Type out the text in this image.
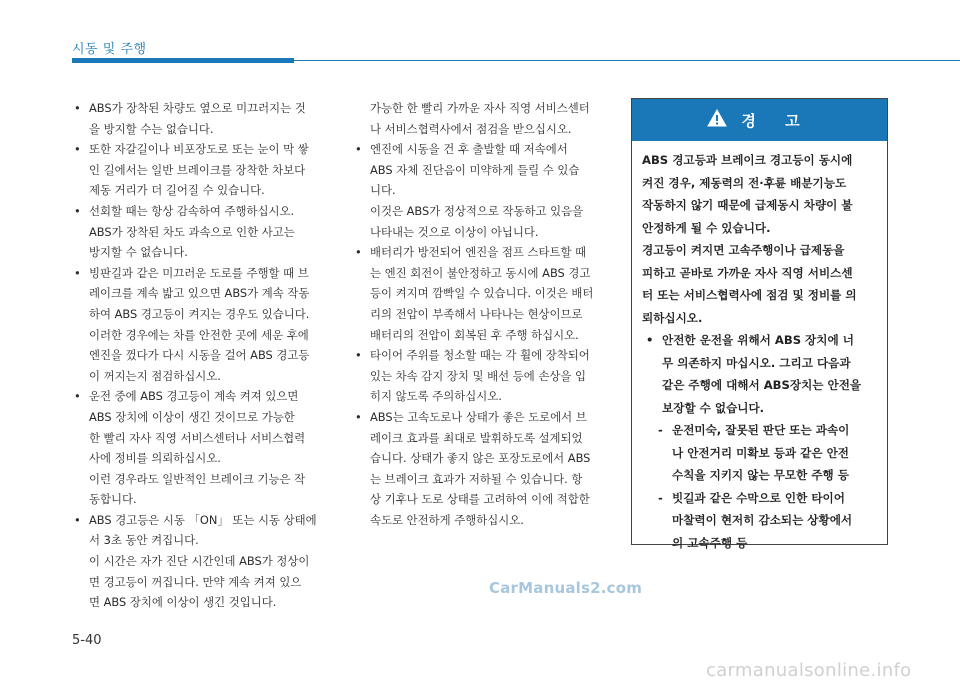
시동 및 주행
• ABS가 장착된 차량도 옆으로 미끄러지는 것
을 방지할 수는 없습니다.
• 또한 자갈길이나 비포장도로 또는 눈이 막 쌓
인 길에서는 일반 브레이크를 장착한 차보다
제동 거리가 더 길어질 수 있습니다.
• 선회할 때는 항상 감속하여 주행하십시오.
ABS가 장착된 차도 과속으로 인한 사고는
방지할 수 없습니다.
• 빙판길과 같은 미끄러운 도로를 주행할 때 브
레이크를 계속 밟고 있으면 ABS가 계속 작동
하여 ABS 경고등이 켜지는 경우도 있습니다.
이러한 경우에는 차를 안전한 곳에 세운 후에
엔진을 껐다가 다시 시동을 걸어 ABS 경고등
이 꺼지는지 점검하십시오.
• 운전 중에 ABS 경고등이 계속 켜져 있으면
ABS 장치에 이상이 생긴 것이므로 가능한
한 빨리 자사 직영 서비스센터나 서비스협력
사에 정비를 의뢰하십시오.
이런 경우라도 일반적인 브레이크 기능은 작
동합니다.
• ABS 경고등은 시동 「ON」 또는 시동 상태에
서 3초 동안 켜집니다.
이 시간은 자가 진단 시간인데 ABS가 정상이
면 경고등이 꺼집니다. 만약 계속 켜져 있으
면 ABS 장치에 이상이 생긴 것입니다.
가능한 한 빨리 가까운 자사 직영 서비스센터
나 서비스협력사에서 점검을 받으십시오.
• 엔진에 시동을 건 후 출발할 때 저속에서
ABS 자체 진단음이 미약하게 들릴 수 있습
니다.
이것은 ABS가 정상적으로 작동하고 있음을
나타내는 것으로 이상이 아닙니다.
• 배터리가 방전되어 엔진을 점프 스타트할 때
는 엔진 회전이 불안정하고 동시에 ABS 경고
등이 켜지며 깜빡일 수 있습니다. 이것은 배터
리의 전압이 부족해서 나타나는 현상이므로
배터리의 전압이 회복된 후 주행 하십시오.
• 타이어 주위를 청소할 때는 각 휠에 장착되어
있는 차속 감지 장치 및 배선 등에 손상을 입
히지 않도록 주의하십시오.
• ABS는 고속도로나 상태가 좋은 도로에서 브
레이크 효과를 최대로 발휘하도록 설계되었
습니다. 상태가 좋지 않은 포장도로에서 ABS
는 브레이크 효과가 저하될 수 있습니다. 항
상 기후나 도로 상태를 고려하여 이에 적합한
속도로 안전하게 주행하십시오.
경 고
ABS 경고등과 브레이크 경고등이 동시에
켜진 경우, 제동력의 전·후륜 배분기능도
작동하지 않기 때문에 급제동시 차량이 불
안정하게 될 수 있습니다.
경고등이 켜지면 고속주행이나 급제동을
피하고 곧바로 가까운 자사 직영 서비스센
터 또는 서비스협력사에 점검 및 정비를 의
뢰하십시오.
• 안전한 운전을 위해서 ABS 장치에 너
무 의존하지 마십시오. 그리고 다음과
같은 주행에 대해서 ABS장치는 안전을
보장할 수 없습니다.
- 운전미숙, 잘못된 판단 또는 과속이
나 안전거리 미확보 등과 같은 안전
수칙을 지키지 않는 무모한 주행 등
- 빗길과 같은 수막으로 인한 타이어
마찰력이 현저히 감소되는 상황에서
의 고속주행 등
CarManuals2.com
5-40
carmanualsonline.info
